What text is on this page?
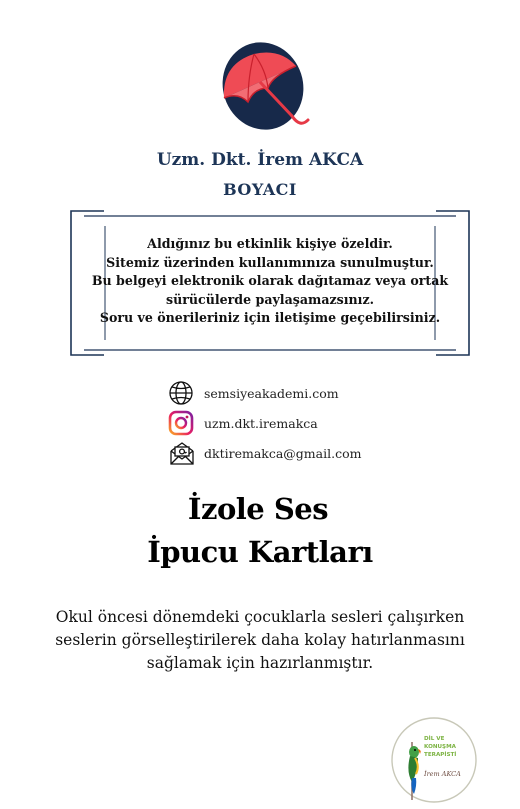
Uzm. Dkt. İrem AKCA
BOYACI
Aldığınız bu etkinlik kişiye özeldir.
Sitemiz üzerinden kullanımınıza sunulmuştur.
Bu belgeyi elektronik olarak dağıtamaz veya ortak
sürücülerde paylaşamazsınız.
Soru ve önerileriniz için iletişime geçebilirsiniz.
semsiyeakademi.com
uzm.dkt.iremakca
dktiremakca@gmail.com
İzole Ses
İpucu Kartları
Okul öncesi dönemdeki çocuklarla sesleri çalışırken
seslerin görselleştirilerek daha kolay hatırlanmasını
sağlamak için hazırlanmıştır.
DİL VE
KONUŞMA
TERAPİSTİ
İrem AKCA
